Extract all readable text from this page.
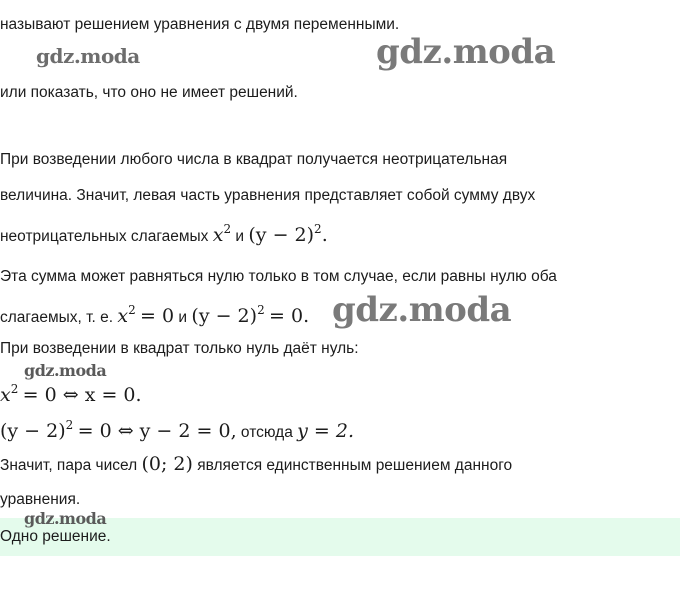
называют решением уравнения с двумя переменными.
gdz.moda	gdz.moda
или показать, что оно не имеет решений.
При возведении любого числа в квадрат получается неотрицательная
величина. Значит, левая часть уравнения представляет собой сумму двух
неотрицательных слагаемых $x^2$ и $(y - 2)^2$.
Эта сумма может равняться нулю только в том случае, если равны нулю оба
слагаемых, т. е. $x^2 = 0$ и $(y - 2)^2 = 0$. gdz.moda
При возведении в квадрат только нуль даёт нуль:
gdz.moda
$x^2 = 0$ ⇔ x = 0.
$(y - 2)^2 = 0$ ⇔ y − 2 = 0, отсюда y = 2.
Значит, пара чисел (0; 2) является единственным решением данного
уравнения.
Одно решение.
gdz.moda
